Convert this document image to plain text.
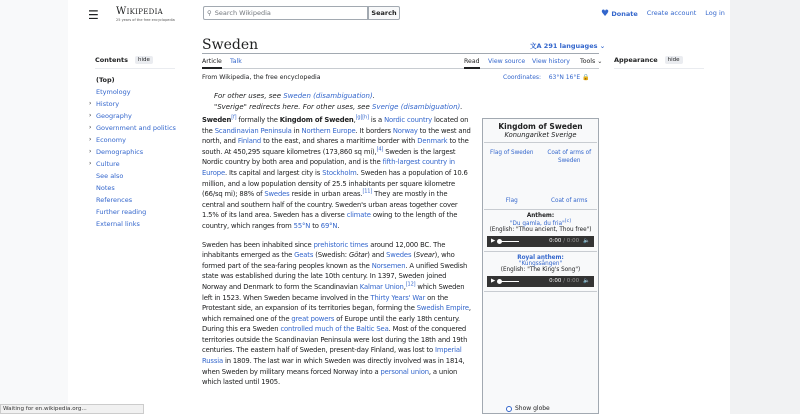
☰ Wikipedia
25 years of the free encyclopedia
⚲ Search Wikipedia	Search	♥ Donate Create account Log in
Contents	hide
(Top)
Etymology
› History
› Geography
› Government and politics
› Economy
› Demographics
› Culture
See also
Notes
References
Further reading
External links
Sweden	文A 291 languages ⌄
Article Talk	Read View source View history Tools ⌄
From Wikipedia, the free encyclopedia	Coordinates: 63°N 16°E 🔒
For other uses, see Sweden (disambiguation).
"Sverige" redirects here. For other uses, see Sverige (disambiguation).

Sweden[f] formally the Kingdom of Sweden,[g][h] is a Nordic country located on the Scandinavian Peninsula in Northern Europe. It borders Norway to the west and north, and Finland to the east, and shares a maritime border with Denmark to the south. At 450,295 square kilometres (173,860 sq mi),[4] Sweden is the largest Nordic country by both area and population, and is the fifth-largest country in Europe. Its capital and largest city is Stockholm. Sweden has a population of 10.6 million, and a low population density of 25.5 inhabitants per square kilometre (66/sq mi); 88% of Swedes reside in urban areas.[11] They are mostly in the central and southern half of the country. Sweden's urban areas together cover 1.5% of its land area. Sweden has a diverse climate owing to the length of the country, which ranges from 55°N to 69°N.

Sweden has been inhabited since prehistoric times around 12,000 BC. The inhabitants emerged as the Geats (Swedish: Götar) and Swedes (Svear), who formed part of the sea-faring peoples known as the Norsemen. A unified Swedish state was established during the late 10th century. In 1397, Sweden joined Norway and Denmark to form the Scandinavian Kalmar Union,[12] which Sweden left in 1523. When Sweden became involved in the Thirty Years' War on the Protestant side, an expansion of its territories began, forming the Swedish Empire, which remained one of the great powers of Europe until the early 18th century. During this era Sweden controlled much of the Baltic Sea. Most of the conquered territories outside the Scandinavian Peninsula were lost during the 18th and 19th centuries. The eastern half of Sweden, present-day Finland, was lost to Imperial Russia in 1809. The last war in which Sweden was directly involved was in 1814, when Sweden by military means forced Norway into a personal union, a union which lasted until 1905.

Appearance	hide
Kingdom of Sweden
Konungariket Sverige
Flag of Sweden	Coat of arms of Sweden
Flag	Coat of arms
Anthem:
"Du gamla, du fria"[c]
(English: "Thou ancient, Thou free")
▶	0:00 / 0:00 🔈
Royal anthem:
"Kungssången"
(English: "The King's Song")
▶	0:00 / 0:00 🔈
Show globe
Waiting for en.wikipedia.org...
